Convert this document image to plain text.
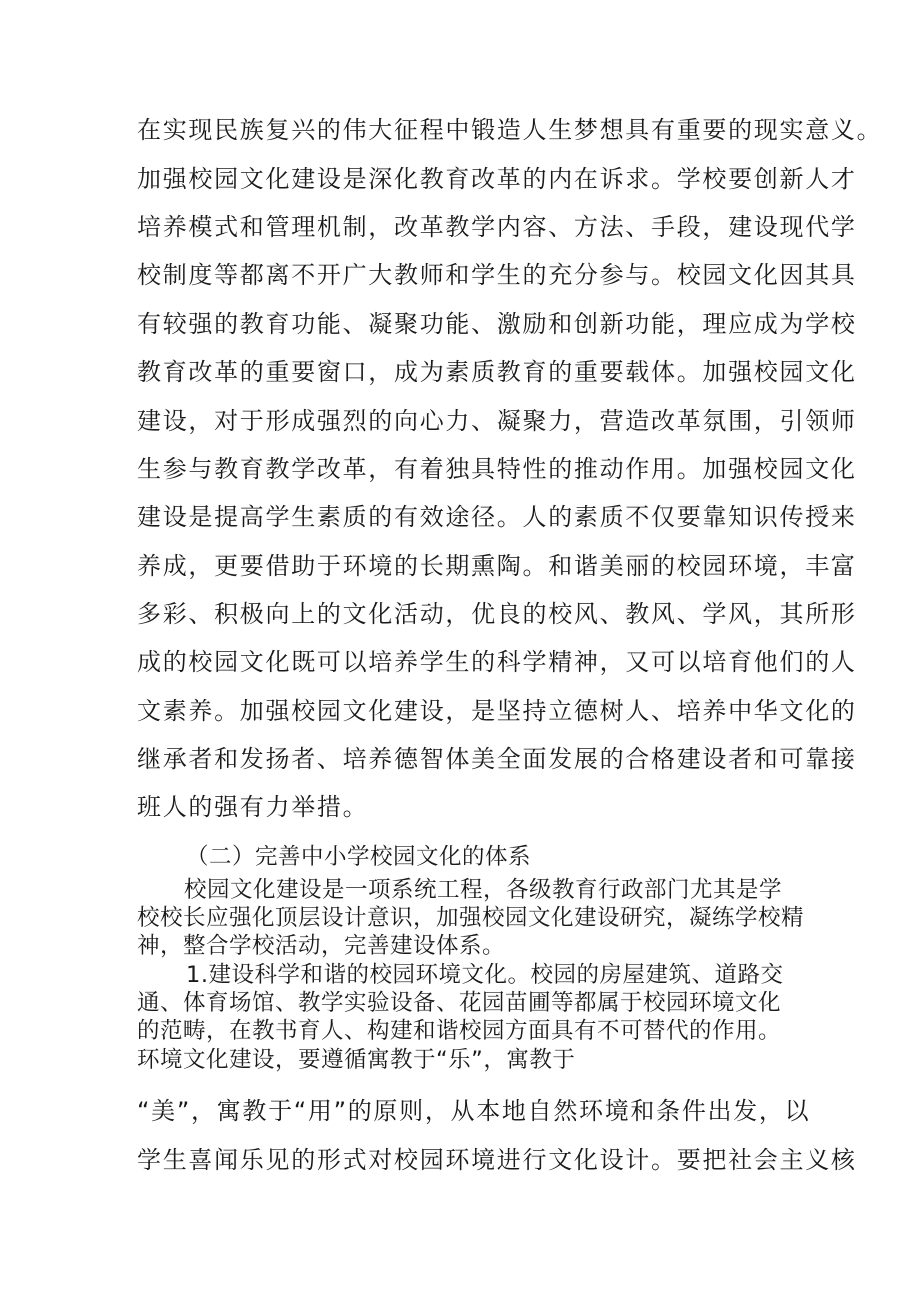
在实现民族复兴的伟大征程中锻造人生梦想具有重要的现实意义。
加强校园文化建设是深化教育改革的内在诉求。学校要创新人才
培养模式和管理机制，改革教学内容、方法、手段，建设现代学
校制度等都离不开广大教师和学生的充分参与。校园文化因其具
有较强的教育功能、凝聚功能、激励和创新功能，理应成为学校
教育改革的重要窗口，成为素质教育的重要载体。加强校园文化
建设，对于形成强烈的向心力、凝聚力，营造改革氛围，引领师
生参与教育教学改革，有着独具特性的推动作用。加强校园文化
建设是提高学生素质的有效途径。人的素质不仅要靠知识传授来
养成，更要借助于环境的长期熏陶。和谐美丽的校园环境，丰富
多彩、积极向上的文化活动，优良的校风、教风、学风，其所形
成的校园文化既可以培养学生的科学精神，又可以培育他们的人
文素养。加强校园文化建设，是坚持立德树人、培养中华文化的
继承者和发扬者、培养德智体美全面发展的合格建设者和可靠接
班人的强有力举措。
（二）完善中小学校园文化的体系
校园文化建设是一项系统工程，各级教育行政部门尤其是学
校校长应强化顶层设计意识，加强校园文化建设研究，凝练学校精
神，整合学校活动，完善建设体系。
1.建设科学和谐的校园环境文化。校园的房屋建筑、道路交
通、体育场馆、教学实验设备、花园苗圃等都属于校园环境文化
的范畴，在教书育人、构建和谐校园方面具有不可替代的作用。
环境文化建设，要遵循寓教于“乐”，寓教于
“美”，寓教于“用”的原则，从本地自然环境和条件出发，以
学生喜闻乐见的形式对校园环境进行文化设计。要把社会主义核
